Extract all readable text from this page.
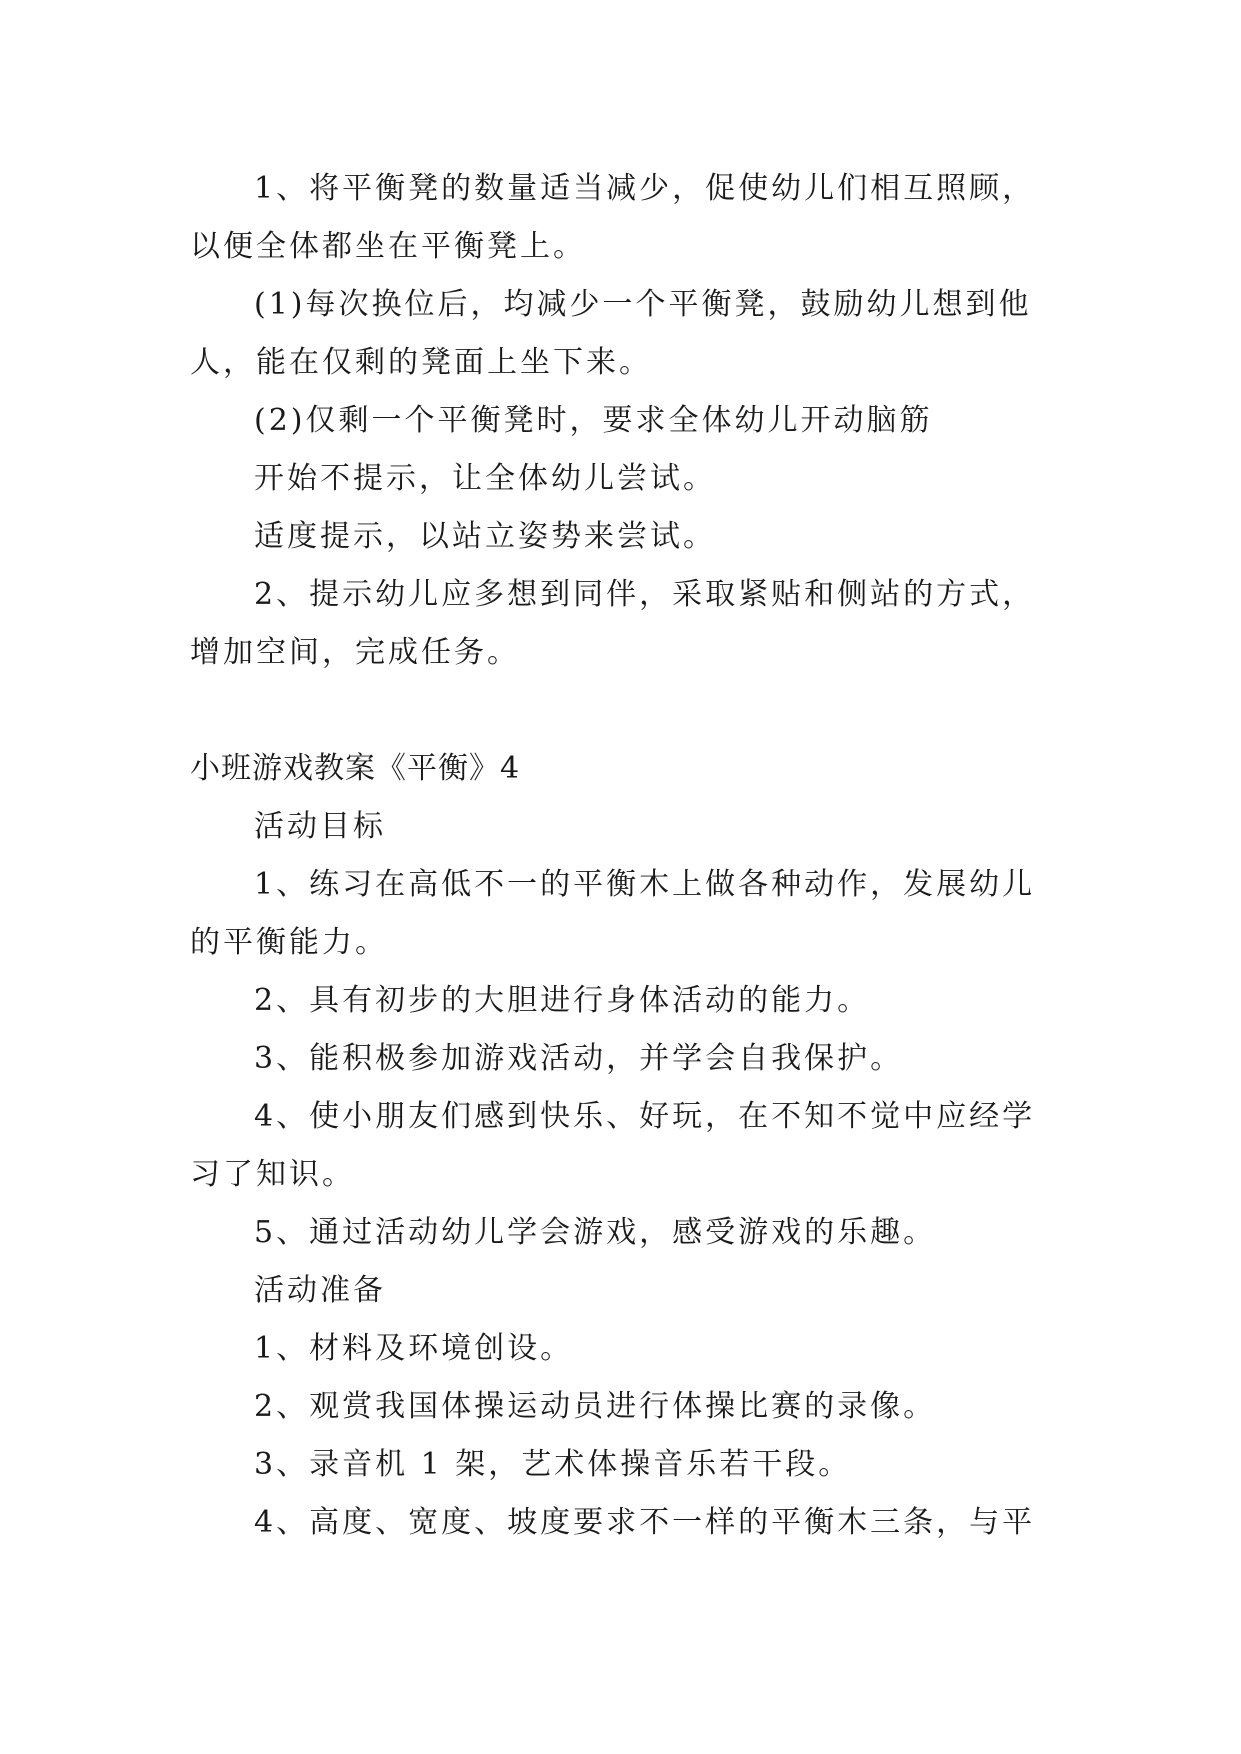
1、将平衡凳的数量适当减少，促使幼儿们相互照顾，以便全体都坐在平衡凳上。

(1)每次换位后，均减少一个平衡凳，鼓励幼儿想到他人，能在仅剩的凳面上坐下来。

(2)仅剩一个平衡凳时，要求全体幼儿开动脑筋

开始不提示，让全体幼儿尝试。

适度提示，以站立姿势来尝试。

2、提示幼儿应多想到同伴，采取紧贴和侧站的方式，增加空间，完成任务。

小班游戏教案《平衡》4

活动目标

1、练习在高低不一的平衡木上做各种动作，发展幼儿的平衡能力。

2、具有初步的大胆进行身体活动的能力。

3、能积极参加游戏活动，并学会自我保护。

4、使小朋友们感到快乐、好玩，在不知不觉中应经学习了知识。

5、通过活动幼儿学会游戏，感受游戏的乐趣。

活动准备

1、材料及环境创设。

2、观赏我国体操运动员进行体操比赛的录像。

3、录音机 1 架，艺术体操音乐若干段。

4、高度、宽度、坡度要求不一样的平衡木三条，与平
